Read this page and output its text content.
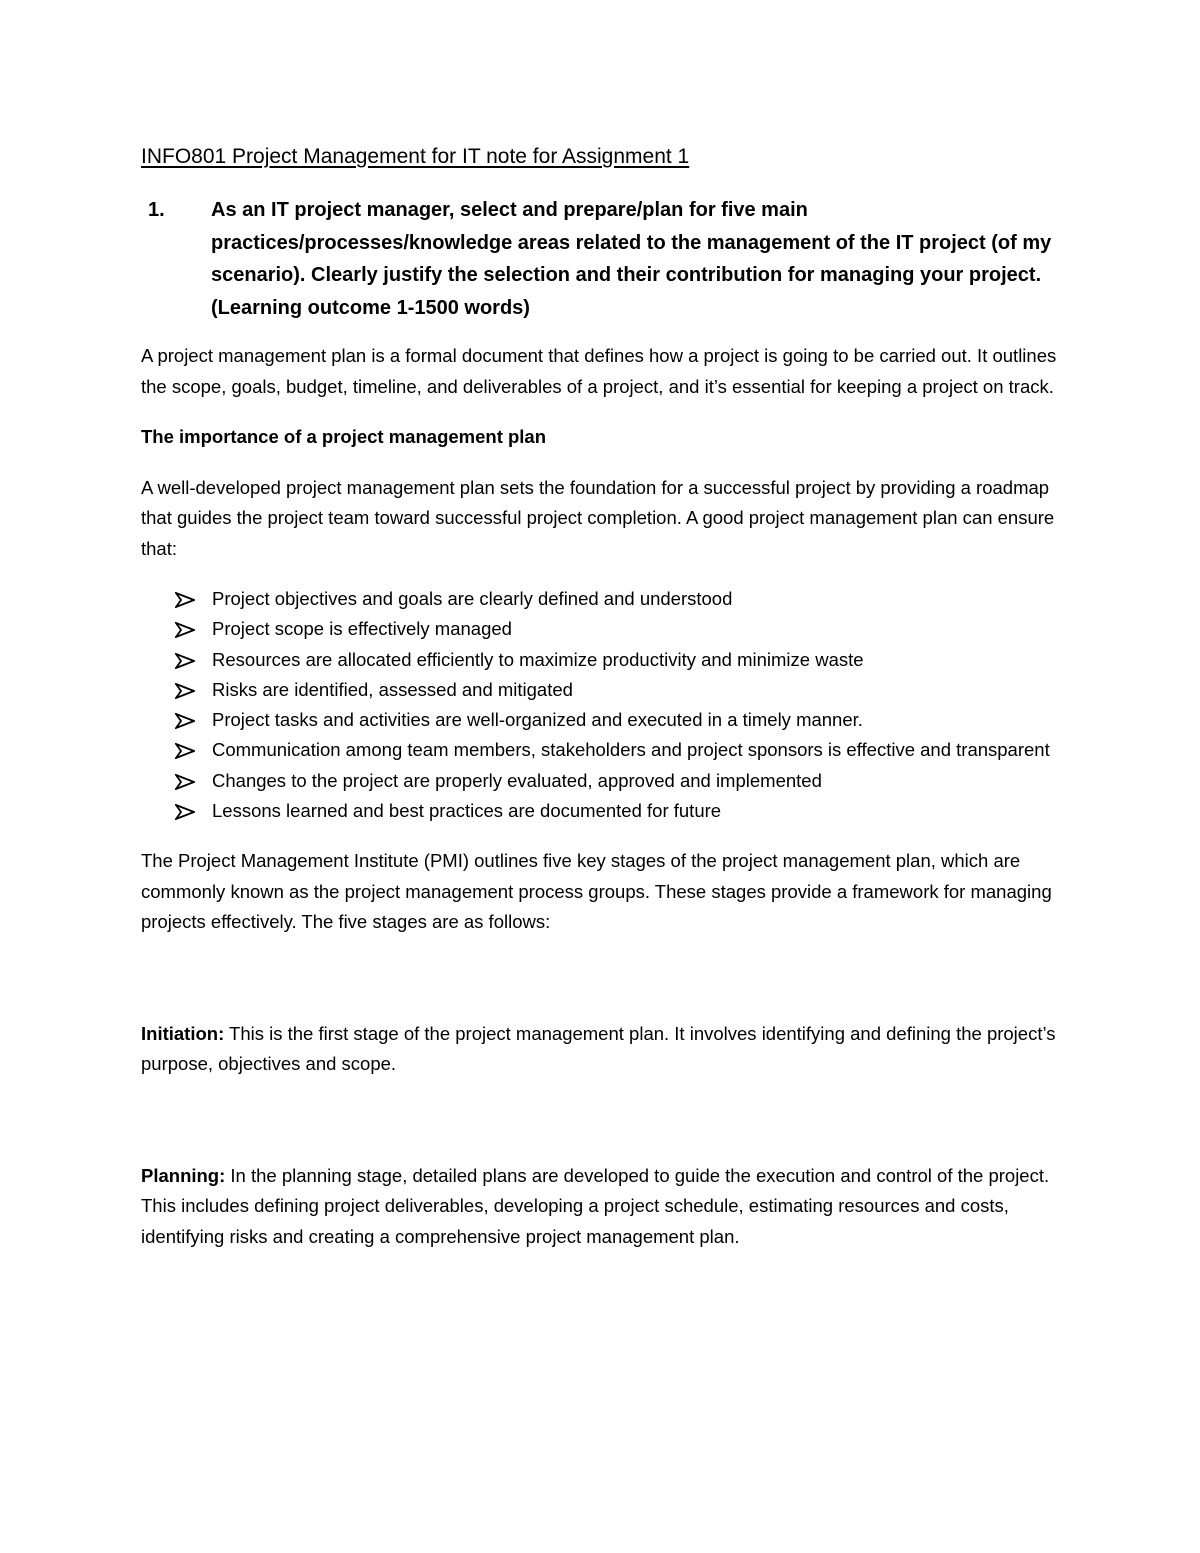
INFO801 Project Management for IT note for Assignment 1
1. As an IT project manager, select and prepare/plan for five main practices/processes/knowledge areas related to the management of the IT project (of my scenario). Clearly justify the selection and their contribution for managing your project. (Learning outcome 1-1500 words)

A project management plan is a formal document that defines how a project is going to be carried out. It outlines the scope, goals, budget, timeline, and deliverables of a project, and it’s essential for keeping a project on track.

The importance of a project management plan

A well-developed project management plan sets the foundation for a successful project by providing a roadmap that guides the project team toward successful project completion. A good project management plan can ensure that:

Project objectives and goals are clearly defined and understood
Project scope is effectively managed
Resources are allocated efficiently to maximize productivity and minimize waste
Risks are identified, assessed and mitigated
Project tasks and activities are well-organized and executed in a timely manner.
Communication among team members, stakeholders and project sponsors is effective and transparent
Changes to the project are properly evaluated, approved and implemented
Lessons learned and best practices are documented for future

The Project Management Institute (PMI) outlines five key stages of the project management plan, which are commonly known as the project management process groups. These stages provide a framework for managing projects effectively. The five stages are as follows:

Initiation: This is the first stage of the project management plan. It involves identifying and defining the project’s purpose, objectives and scope.

Planning: In the planning stage, detailed plans are developed to guide the execution and control of the project. This includes defining project deliverables, developing a project schedule, estimating resources and costs, identifying risks and creating a comprehensive project management plan.
